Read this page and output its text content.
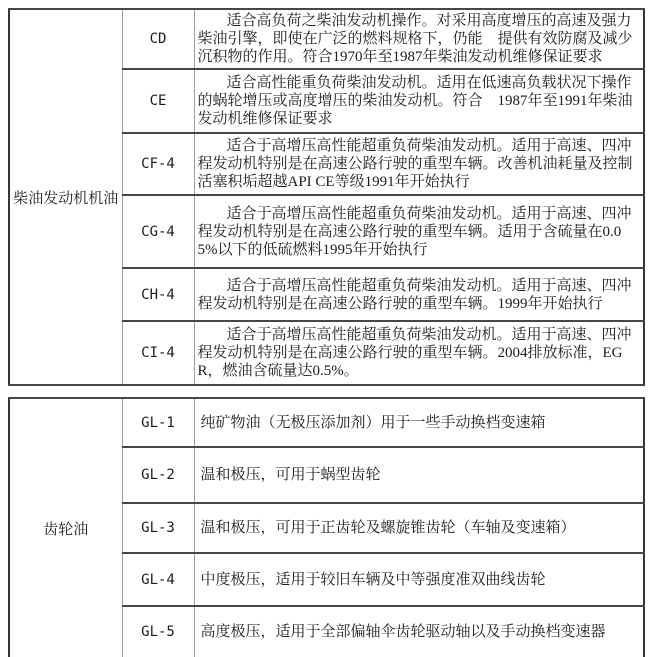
柴油发动机机油	CD	适合高负荷之柴油发动机操作。对采用高度增压的高速及强力柴油引擎，即使在广泛的燃料规格下，仍能　提供有效防腐及减少沉积物的作用。符合1970年至1987年柴油发动机维修保证要求
	CE	适合高性能重负荷柴油发动机。适用在低速高负载状况下操作的蜗轮增压或高度增压的柴油发动机。符合　1987年至1991年柴油发动机维修保证要求
	CF-4	适合于高增压高性能超重负荷柴油发动机。适用于高速、四冲程发动机特别是在高速公路行驶的重型车辆。改善机油耗量及控制活塞积垢超越API CE等级1991年开始执行
	CG-4	适合于高增压高性能超重负荷柴油发动机。适用于高速、四冲程发动机特别是在高速公路行驶的重型车辆。适用于含硫量在0.05%以下的低硫燃料1995年开始执行
	CH-4	适合于高增压高性能超重负荷柴油发动机。适用于高速、四冲程发动机特别是在高速公路行驶的重型车辆。1999年开始执行
	CI-4	适合于高增压高性能超重负荷柴油发动机。适用于高速、四冲程发动机特别是在高速公路行驶的重型车辆。2004排放标准，EGR，燃油含硫量达0.5%。
齿轮油	GL-1	纯矿物油（无极压添加剂）用于一些手动换档变速箱
	GL-2	温和极压，可用于蜗型齿轮
	GL-3	温和极压，可用于正齿轮及螺旋锥齿轮（车轴及变速箱）
	GL-4	中度极压，适用于较旧车辆及中等强度准双曲线齿轮
	GL-5	高度极压，适用于全部偏轴伞齿轮驱动轴以及手动换档变速器
